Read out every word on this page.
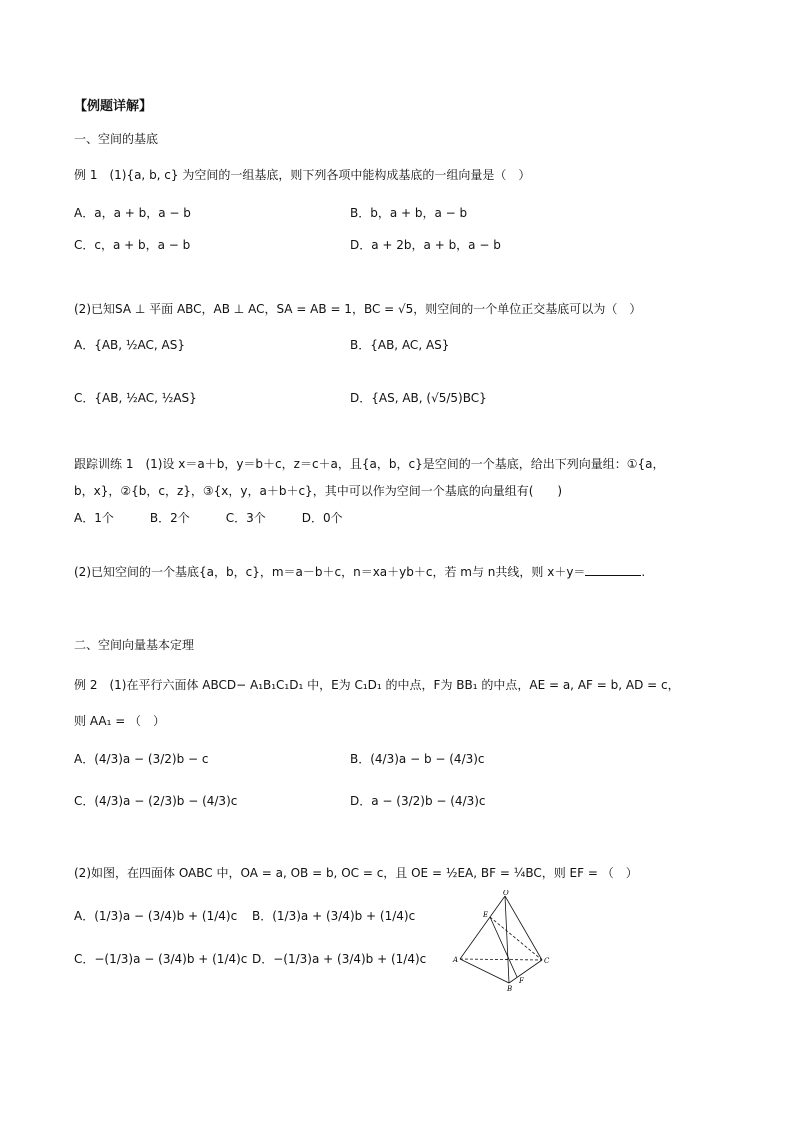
【例题详解】
一、空间的基底
例 1　(1){a, b, c} 为空间的一组基底，则下列各项中能构成基底的一组向量是（　）
A．a，a + b，a − b	B．b，a + b，a − b
C．c，a + b，a − b	D．a + 2b，a + b，a − b
(2)已知SA ⊥ 平面 ABC，AB ⊥ AC，SA = AB = 1，BC = √5，则空间的一个单位正交基底可以为（　）
A．{AB, ½AC, AS}	B．{AB, AC, AS}
C．{AB, ½AC, ½AS}	D．{AS, AB, (√5/5)BC}
跟踪训练 1　(1)设 x＝a＋b，y＝b＋c，z＝c＋a，且{a，b，c}是空间的一个基底，给出下列向量组：①{a，
b，x}，②{b，c，z}，③{x，y，a＋b＋c}，其中可以作为空间一个基底的向量组有(　　)
A．1个　　　B．2个　　　C．3个　　　D．0个
(2)已知空间的一个基底{a，b，c}，m＝a－b＋c，n＝xa＋yb＋c，若 m与 n共线，则 x＋y＝	.
二、空间向量基本定理
例 2　(1)在平行六面体 ABCD− A₁B₁C₁D₁ 中，E为 C₁D₁ 的中点，F为 BB₁ 的中点，AE = a, AF = b, AD = c，
则 AA₁ = （　）
A．(4/3)a − (3/2)b − c	B．(4/3)a − b − (4/3)c
C．(4/3)a − (2/3)b − (4/3)c	D．a − (3/2)b − (4/3)c
(2)如图，在四面体 OABC 中，OA = a, OB = b, OC = c，且 OE = ½EA, BF = ¼BC，则 EF = （　）
A．(1/3)a − (3/4)b + (1/4)c B．(1/3)a + (3/4)b + (1/4)c
C．−(1/3)a − (3/4)b + (1/4)c D．−(1/3)a + (3/4)b + (1/4)c
O
E
A
B
C
F
